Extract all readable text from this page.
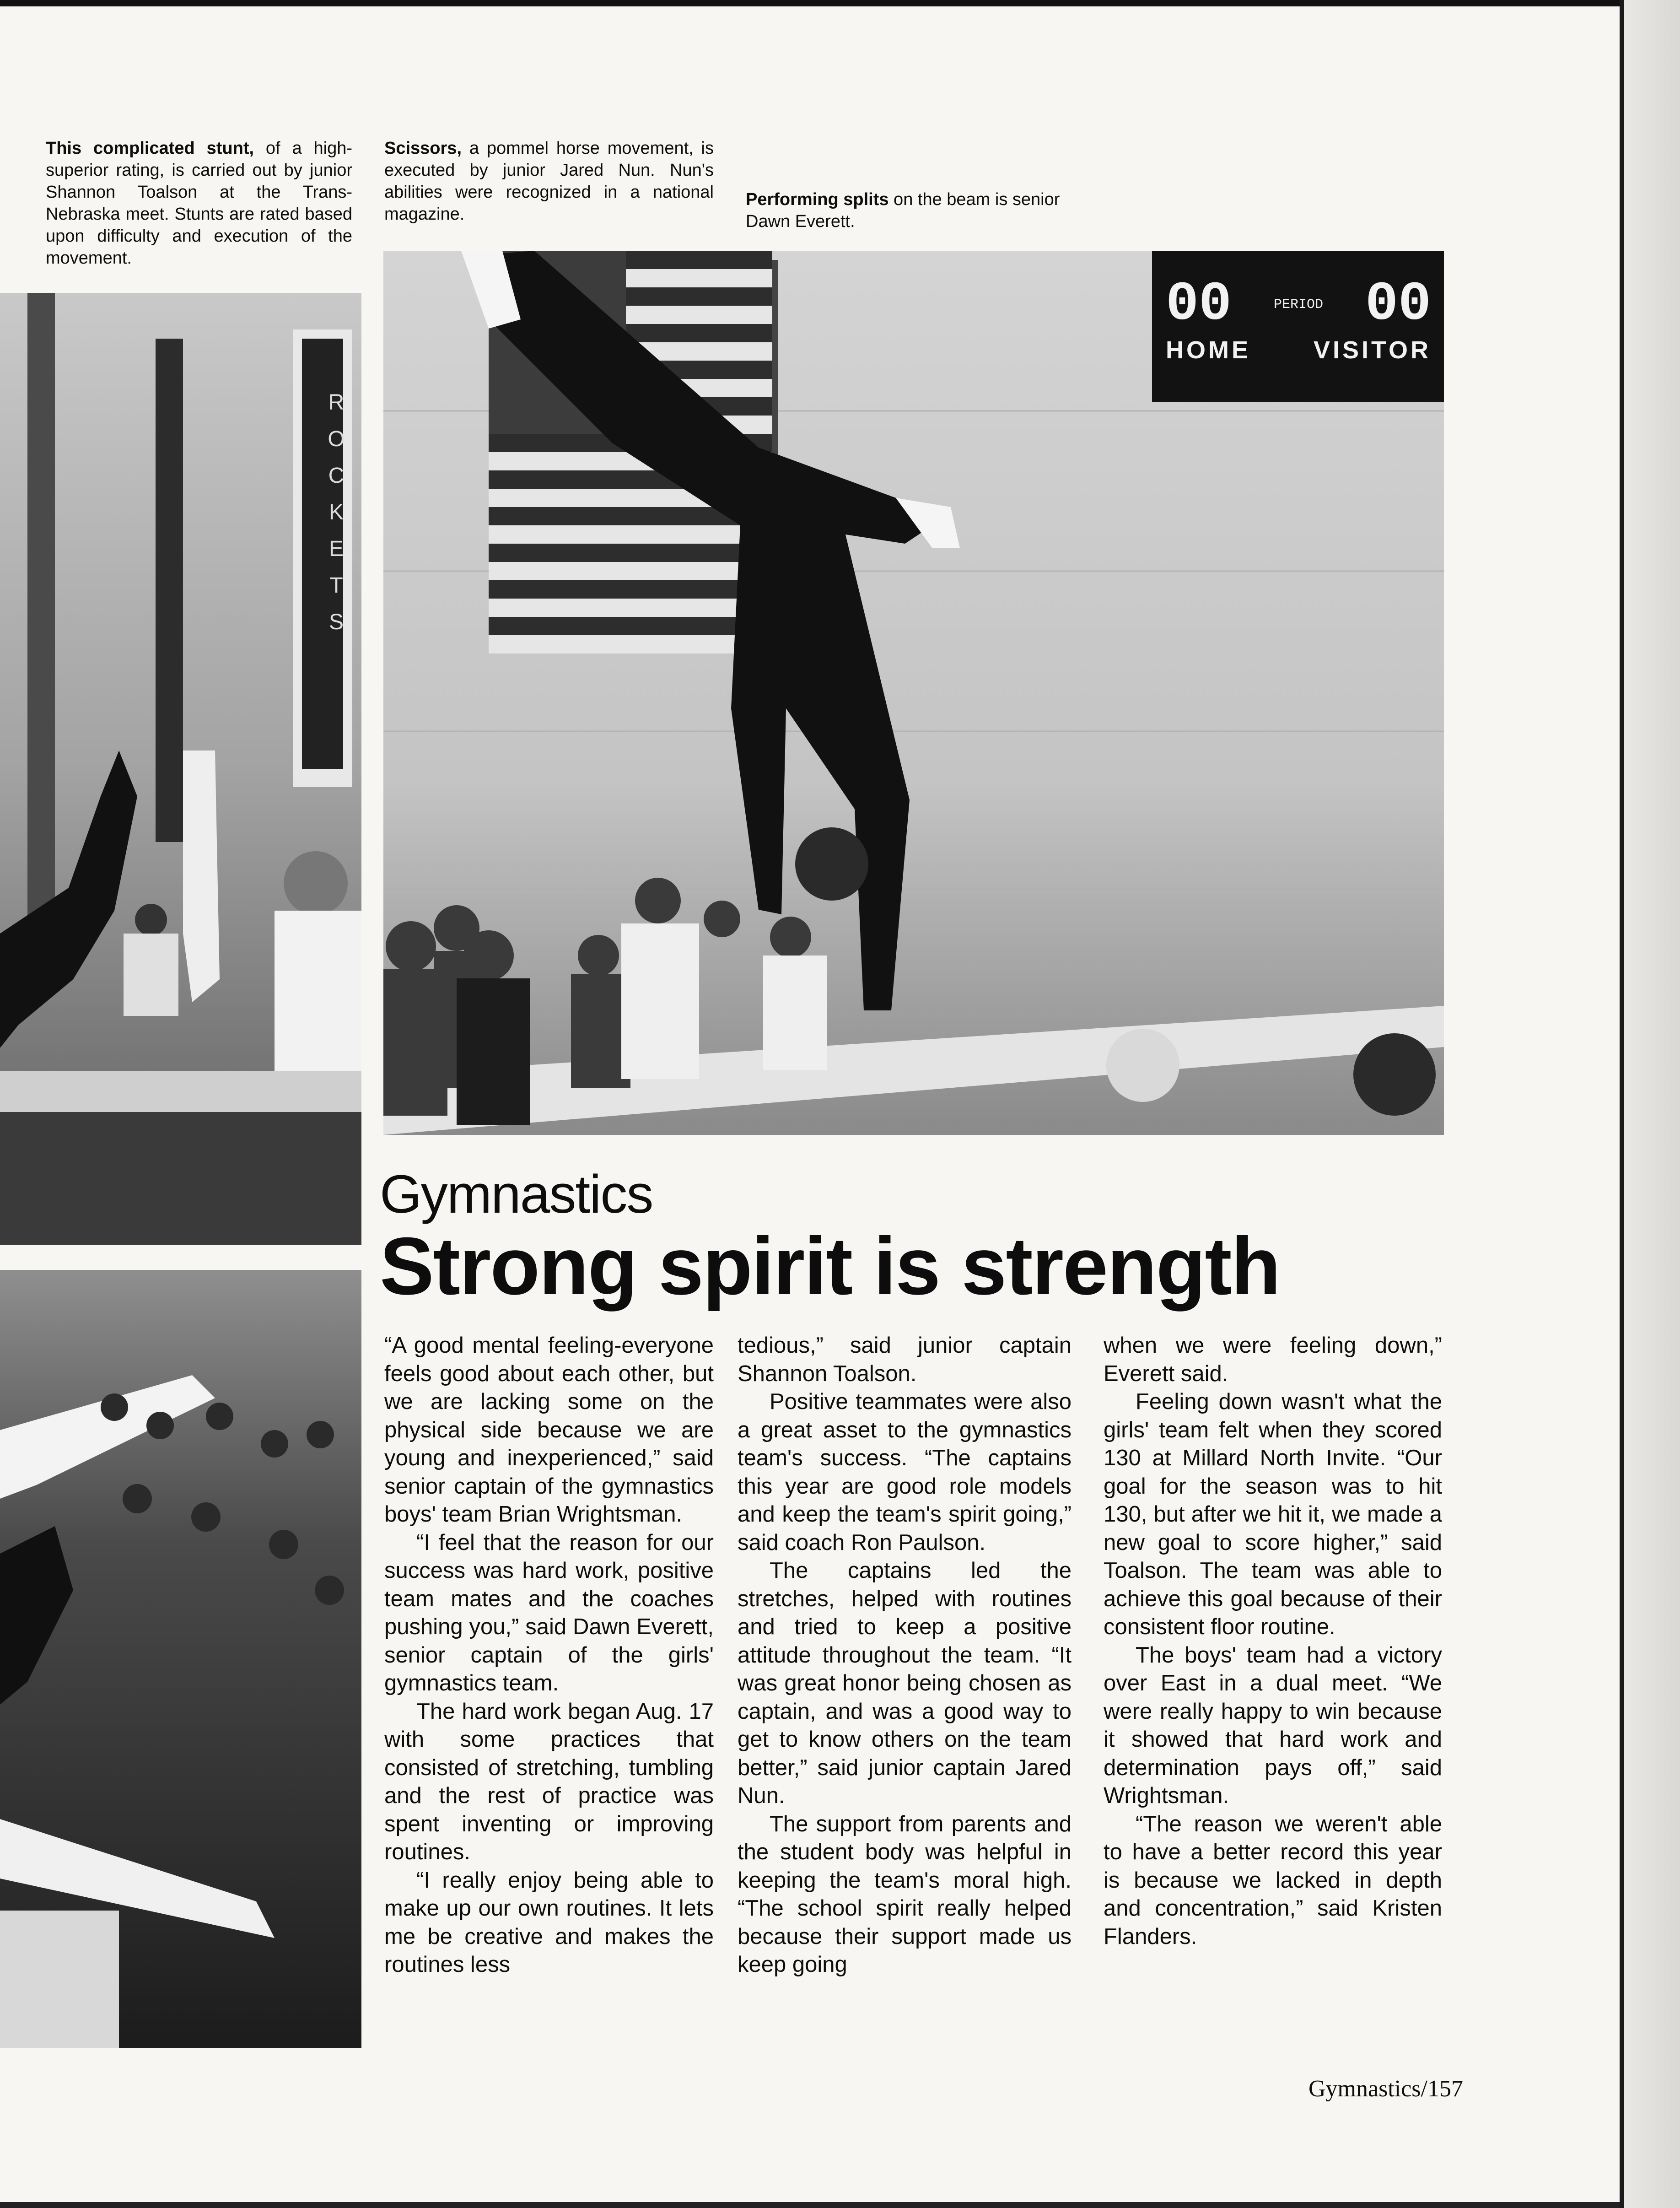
This complicated stunt, of a high-superior rating, is carried out by junior Shannon Toalson at the Trans-Nebraska meet. Stunts are rated based upon difficulty and execution of the movement.
Scissors, a pommel horse movement, is executed by junior Jared Nun. Nun's abilities were recognized in a national magazine.
Performing splits on the beam is senior Dawn Everett.
ROCKETS
00	PERIOD 00
HOME	VISITOR
Gymnastics
Strong spirit is strength

“A good mental feeling-everyone feels good about each other, but we are lacking some on the physical side because we are young and inexperienced,” said senior captain of the gymnastics boys' team Brian Wrightsman.

“I feel that the reason for our success was hard work, positive team mates and the coaches pushing you,” said Dawn Everett, senior captain of the girls' gymnastics team.

The hard work began Aug. 17 with some practices that consisted of stretching, tumbling and the rest of practice was spent inventing or improving routines.

“I really enjoy being able to make up our own routines. It lets me be creative and makes the routines less

tedious,” said junior captain Shannon Toalson.

Positive teammates were also a great asset to the gymnastics team's success. “The captains this year are good role models and keep the team's spirit going,” said coach Ron Paulson.

The captains led the stretches, helped with routines and tried to keep a positive attitude throughout the team. “It was great honor being chosen as captain, and was a good way to get to know others on the team better,” said junior captain Jared Nun.

The support from parents and the student body was helpful in keeping the team's moral high. “The school spirit really helped because their support made us keep going

when we were feeling down,” Everett said.

Feeling down wasn't what the girls' team felt when they scored 130 at Millard North Invite. “Our goal for the season was to hit 130, but after we hit it, we made a new goal to score higher,” said Toalson. The team was able to achieve this goal because of their consistent floor routine.

The boys' team had a victory over East in a dual meet. “We were really happy to win because it showed that hard work and determination pays off,” said Wrightsman.

“The reason we weren't able to have a better record this year is because we lacked in depth and concentration,” said Kristen Flanders.

Gymnastics/157
